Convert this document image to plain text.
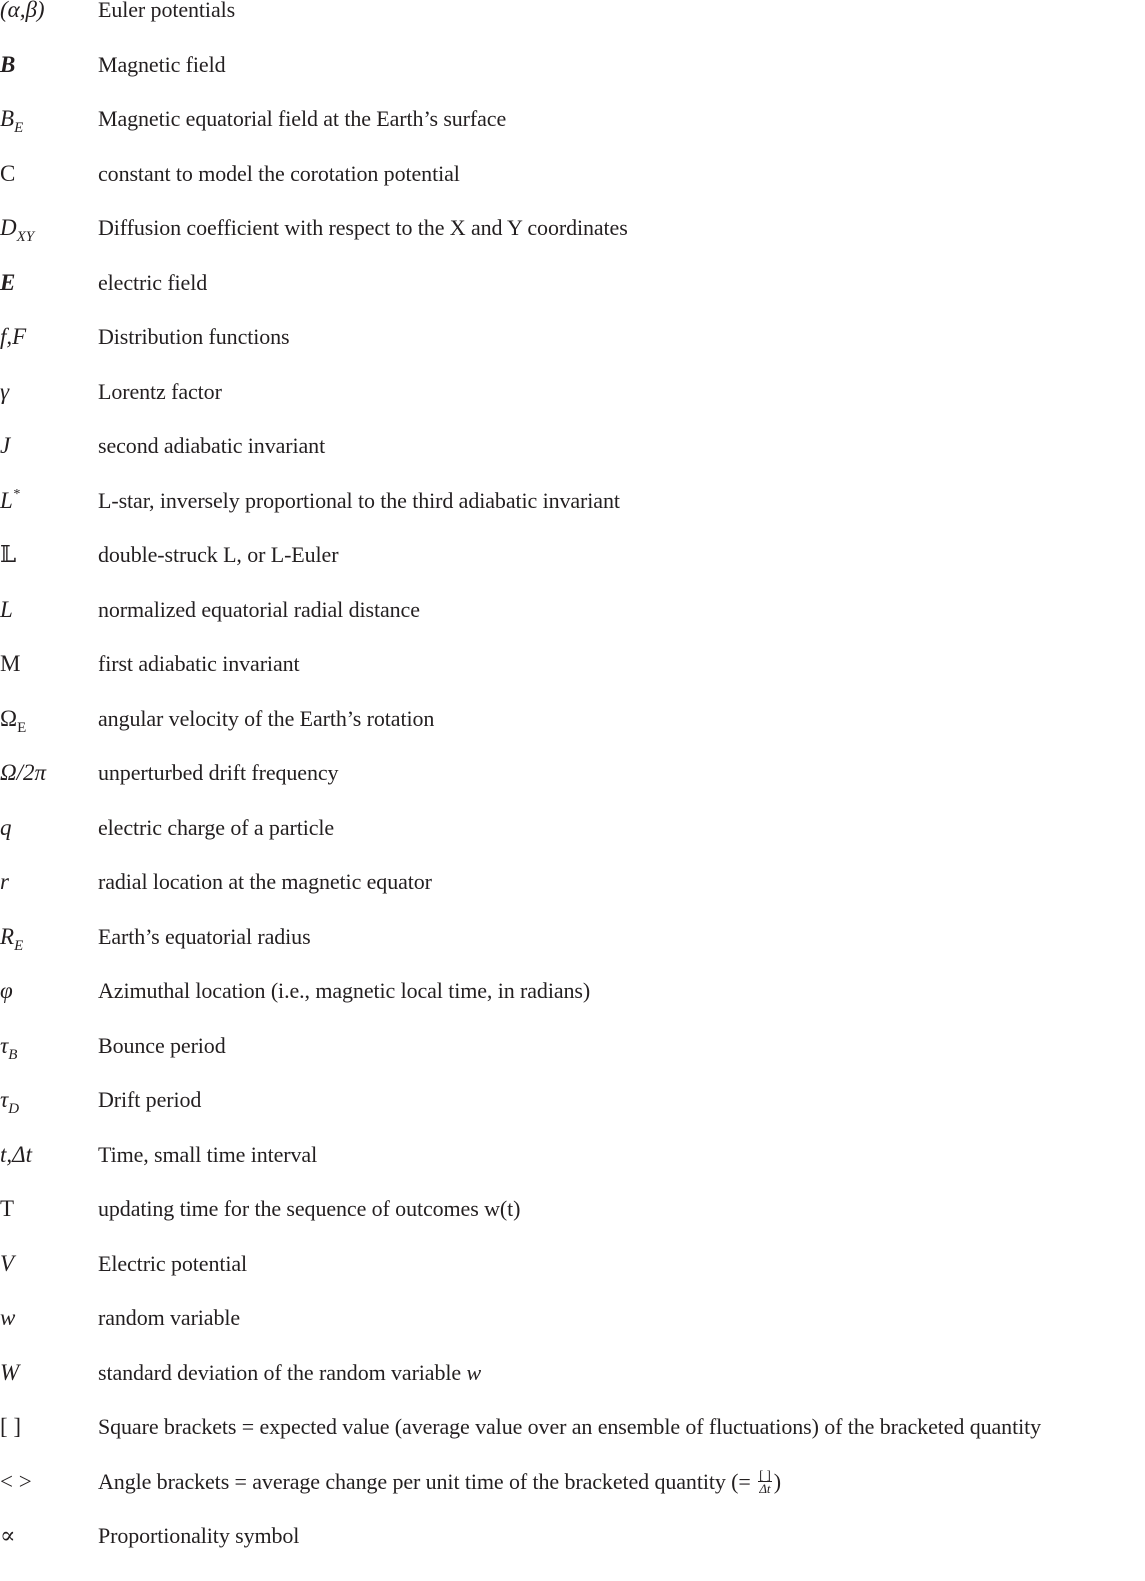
(α,β) Euler potentials
B	Magnetic field
$B_E$	Magnetic equatorial field at the Earth’s surface
C	constant to model the corotation potential
$D_{XY}$	Diffusion coefficient with respect to the X and Y coordinates
E	electric field
f,F	Distribution functions
γ	Lorentz factor
J	second adiabatic invariant
L*	L-star, inversely proportional to the third adiabatic invariant
𝕃	double-struck L, or L-Euler
L	normalized equatorial radial distance
M	first adiabatic invariant
$\Omega_E$	angular velocity of the Earth’s rotation
Ω/2π unperturbed drift frequency
q	electric charge of a particle
r	radial location at the magnetic equator
$R_E$	Earth’s equatorial radius
φ	Azimuthal location (i.e., magnetic local time, in radians)
$\tau_B$	Bounce period
$\tau_D$	Drift period
t,Δt	Time, small time interval
T	updating time for the sequence of outcomes w(t)
V	Electric potential
w	random variable
W	standard deviation of the random variable w
[ ]	Square brackets = expected value (average value over an ensemble of fluctuations) of the bracketed quantity
< >	Angle brackets = average change per unit time of the bracketed quantity (= $\frac{[ ]}{\Delta t}$ )
∝	Proportionality symbol
